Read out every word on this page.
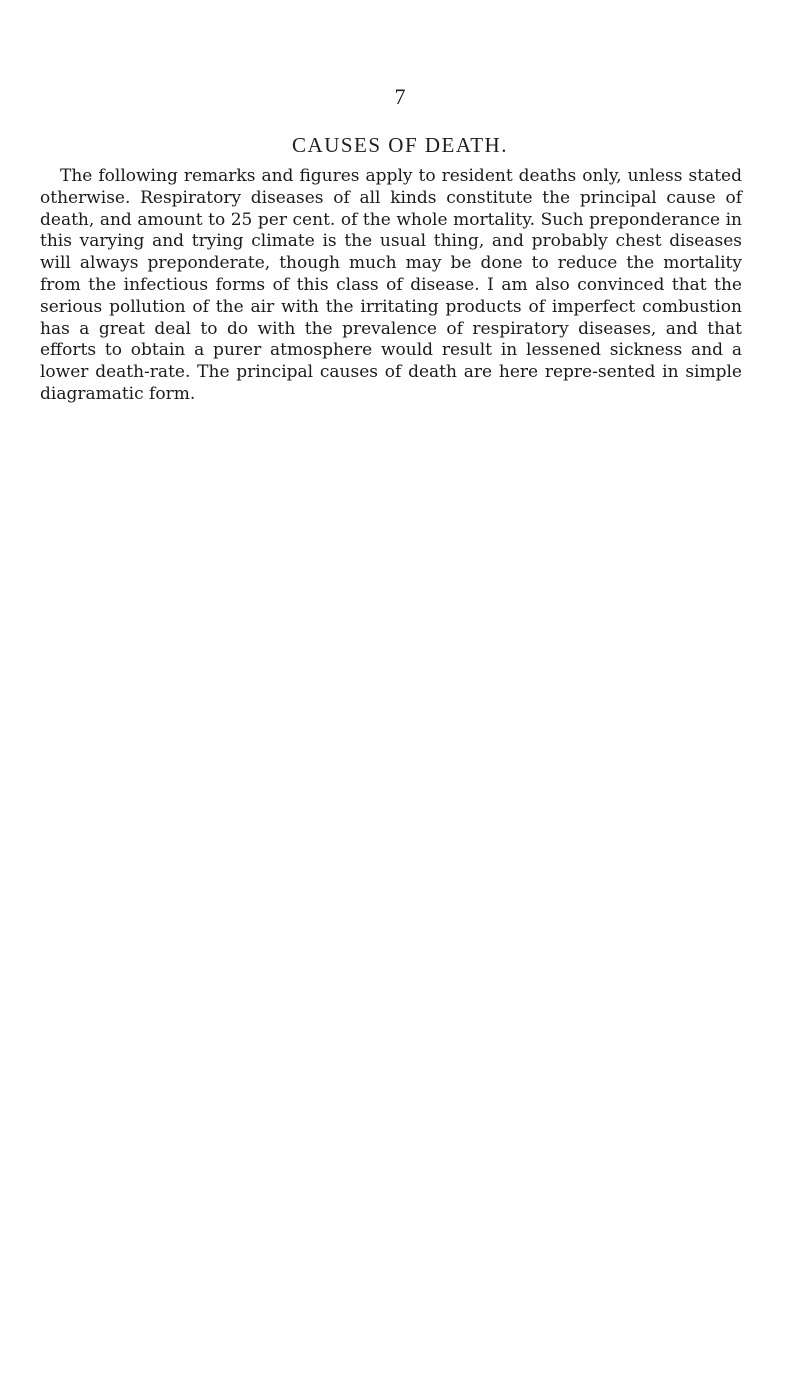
7
CAUSES OF DEATH.

The following remarks and figures apply to resident deaths only, unless stated otherwise. Respiratory diseases of all kinds constitute the principal cause of death, and amount to 25 per cent. of the whole mortality. Such preponderance in this varying and trying climate is the usual thing, and probably chest diseases will always preponderate, though much may be done to reduce the mortality from the infectious forms of this class of disease. I am also convinced that the serious pollution of the air with the irritating products of imperfect combustion has a great deal to do with the prevalence of respiratory diseases, and that efforts to obtain a purer atmosphere would result in lessened sickness and a lower death-rate. The principal causes of death are here repre-sented in simple diagramatic form.
